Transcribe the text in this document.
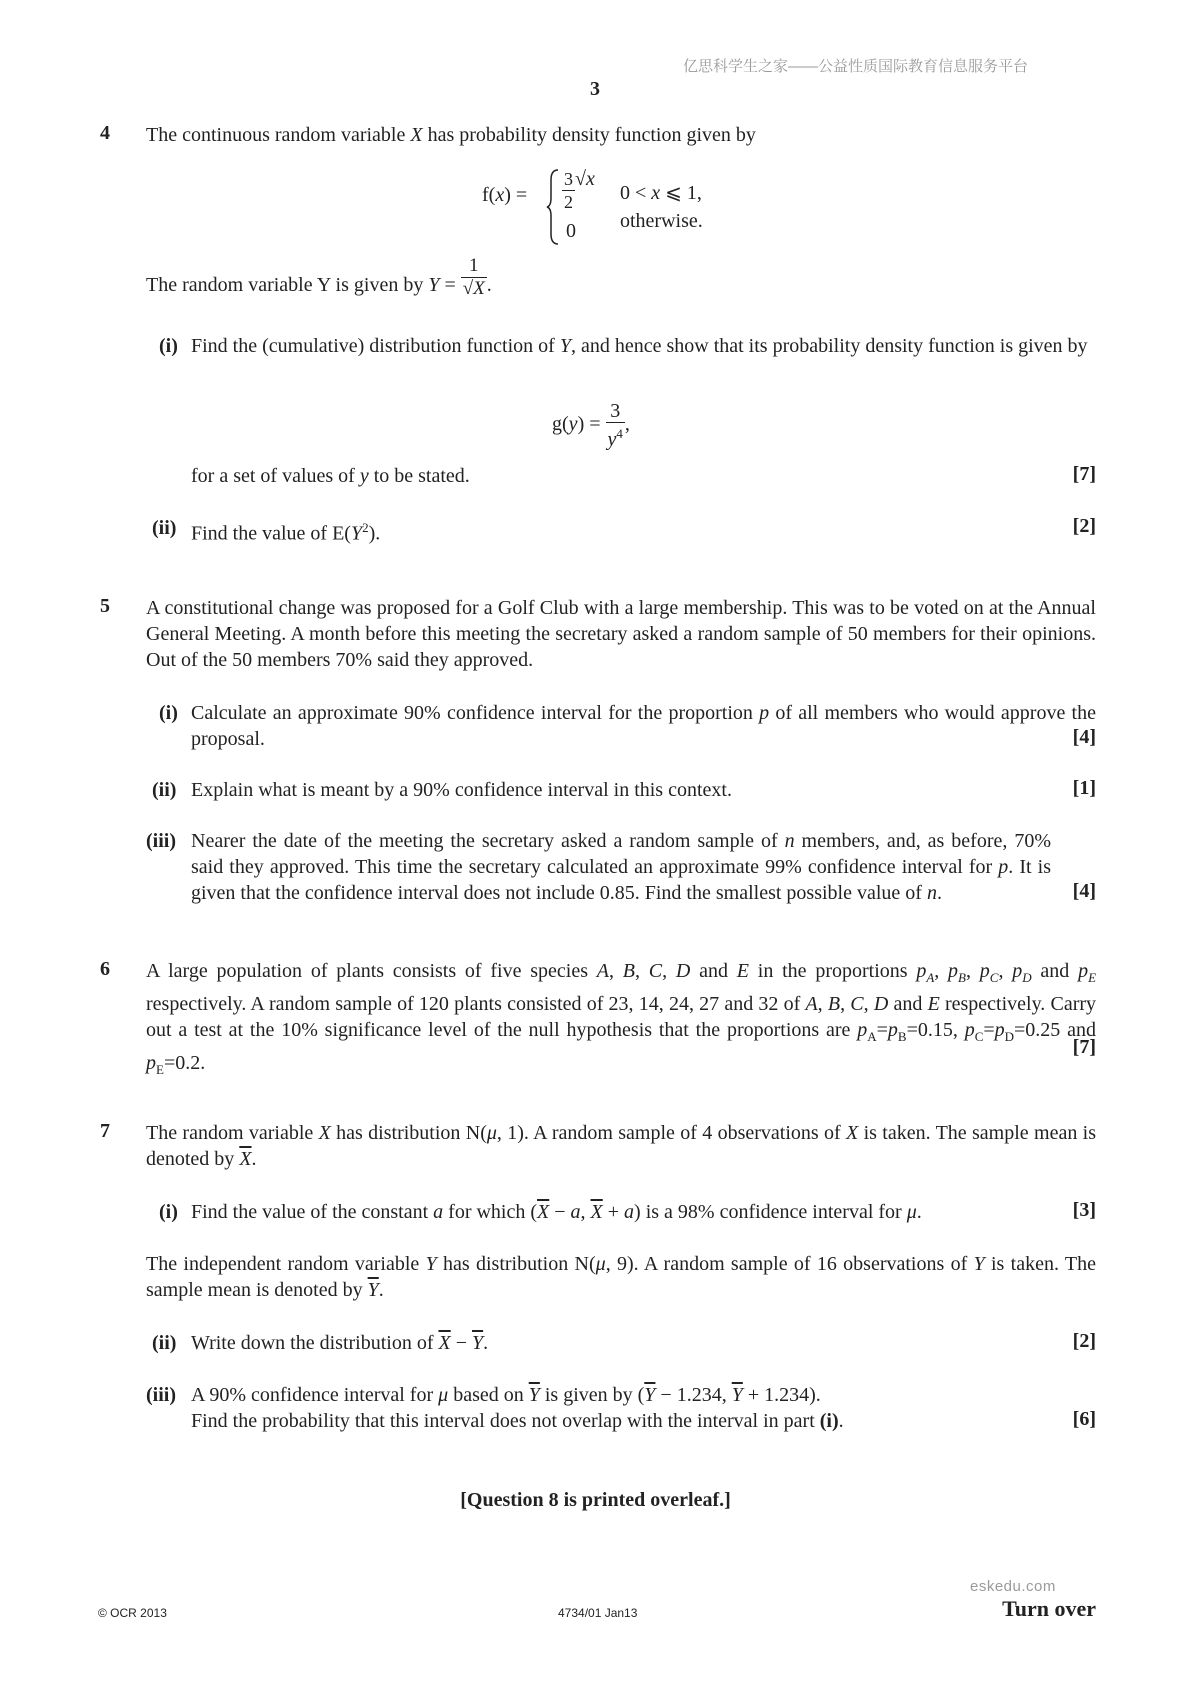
亿思科学生之家——公益性质国际教育信息服务平台
3
4 The continuous random variable X has probability density function given by
$f(x) = \frac{3}{2} √x$
0
0 < x ⩽ 1,
otherwise.
The random variable Y is given by $Y = \frac{1}{√X}$ .
(i) Find the (cumulative) distribution function of Y, and hence show that its probability density function is given by
$g(y) = \frac{3}{y^4}$ ,
for a set of values of y to be stated.	[7]
(ii) Find the value of $E(Y^2)$.	[2]
5 A constitutional change was proposed for a Golf Club with a large membership. This was to be voted on at the Annual General Meeting. A month before this meeting the secretary asked a random sample of 50 members for their opinions. Out of the 50 members 70% said they approved.
(i) Calculate an approximate 90% confidence interval for the proportion p of all members who would approve the proposal.	[4]
(ii) Explain what is meant by a 90% confidence interval in this context.	[1]
(iii) Nearer the date of the meeting the secretary asked a random sample of n members, and, as before, 70% said they approved. This time the secretary calculated an approximate 99% confidence interval for p. It is given that the confidence interval does not include 0.85. Find the smallest possible value of n.	[4]
6 A large population of plants consists of five species A, B, C, D and E in the proportions $p_A$, $p_B$, $p_C$, $p_D$ and $p_E$ respectively. A random sample of 120 plants consisted of 23, 14, 24, 27 and 32 of A, B, C, D and E respectively. Carry out a test at the 10% significance level of the null hypothesis that the proportions are $p_A=p_B=0.15$, $p_C=p_D=0.25$ and $p_E=0.2$.
[7]
7 The random variable X has distribution N(μ, 1). A random sample of 4 observations of X is taken. The sample mean is denoted by $\overline{X}$.
(i) Find the value of the constant a for which ($\overline{X} - a$, $\overline{X} + a$) is a 98% confidence interval for μ.	[3]
The independent random variable Y has distribution N(μ, 9). A random sample of 16 observations of Y is taken. The sample mean is denoted by $\overline{Y}$.
(ii) Write down the distribution of $\overline{X} - \overline{Y}$.	[2]
(iii) A 90% confidence interval for μ based on $\overline{Y}$ is given by ($\overline{Y} - 1.234$, $\overline{Y} + 1.234$).
Find the probability that this interval does not overlap with the interval in part (i).	[6]
[Question 8 is printed overleaf.]
eskedu.com
© OCR 2013	4734/01 Jan13	Turn over
